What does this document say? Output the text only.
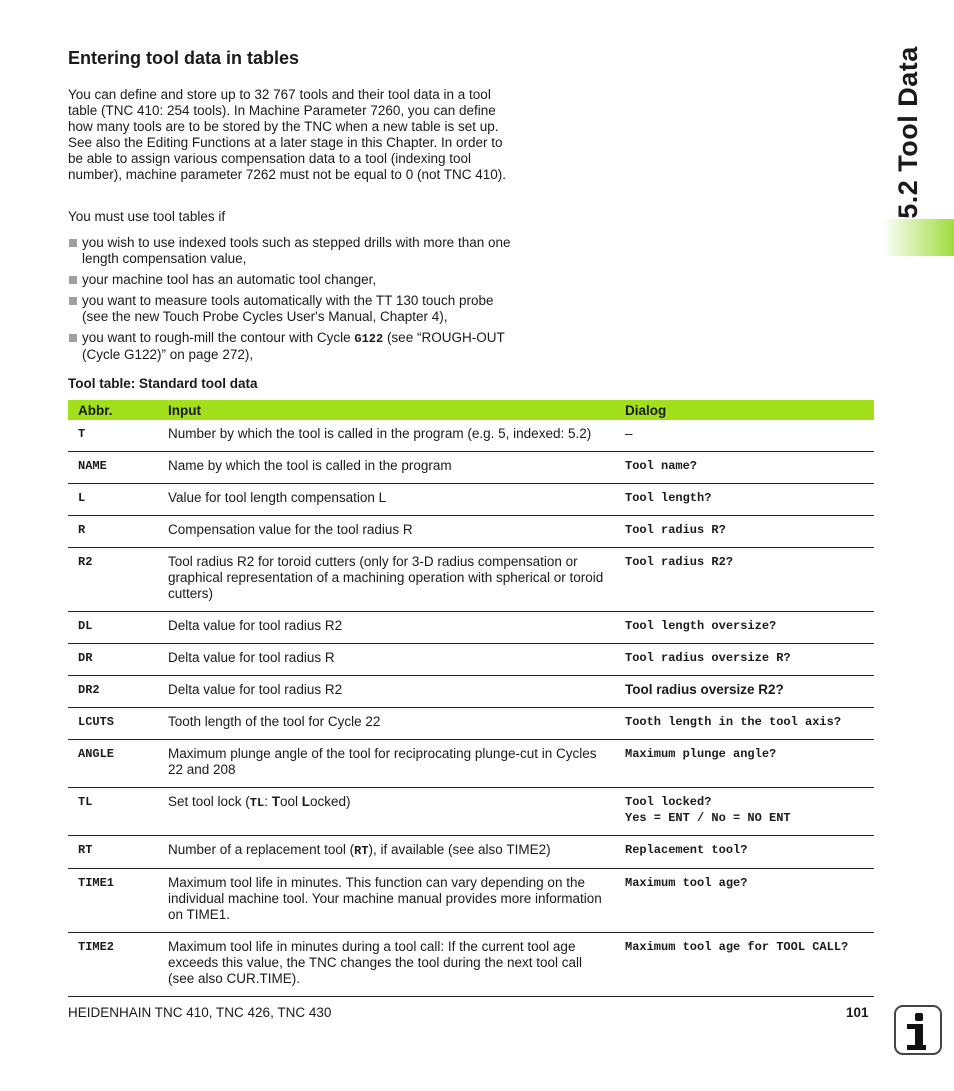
5.2 Tool Data
Entering tool data in tables

You can define and store up to 32 767 tools and their tool data in a tool table (TNC 410: 254 tools). In Machine Parameter 7260, you can define how many tools are to be stored by the TNC when a new table is set up. See also the Editing Functions at a later stage in this Chapter. In order to be able to assign various compensation data to a tool (indexing tool number), machine parameter 7262 must not be equal to 0 (not TNC 410).

You must use tool tables if

you wish to use indexed tools such as stepped drills with more than one length compensation value,
your machine tool has an automatic tool changer,
you want to measure tools automatically with the TT 130 touch probe (see the new Touch Probe Cycles User's Manual, Chapter 4),
you want to rough-mill the contour with Cycle G122 (see “ROUGH-OUT (Cycle G122)” on page 272),

Tool table: Standard tool data

Abbr.	Input	Dialog
T	Number by which the tool is called in the program (e.g. 5, indexed: 5.2)	–
NAME	Name by which the tool is called in the program	Tool name?
L	Value for tool length compensation L	Tool length?
R	Compensation value for the tool radius R	Tool radius R?
R2	Tool radius R2 for toroid cutters (only for 3-D radius compensation or graphical representation of a machining operation with spherical or toroid cutters)	Tool radius R2?
DL	Delta value for tool radius R2	Tool length oversize?
DR	Delta value for tool radius R	Tool radius oversize R?
DR2	Delta value for tool radius R2	Tool radius oversize R2?
LCUTS	Tooth length of the tool for Cycle 22	Tooth length in the tool axis?
ANGLE	Maximum plunge angle of the tool for reciprocating plunge-cut in Cycles 22 and 208	Maximum plunge angle?
TL	Set tool lock (TL: Tool Locked)	Tool locked?
Yes = ENT / No = NO ENT

RT	Number of a replacement tool (RT), if available (see also TIME2)	Replacement tool?
TIME1	Maximum tool life in minutes. This function can vary depending on the individual machine tool. Your machine manual provides more information on TIME1.	Maximum tool age?
TIME2	Maximum tool life in minutes during a tool call: If the current tool age exceeds this value, the TNC changes the tool during the next tool call (see also CUR.TIME).	Maximum tool age for TOOL CALL?
HEIDENHAIN TNC 410, TNC 426, TNC 430	101
